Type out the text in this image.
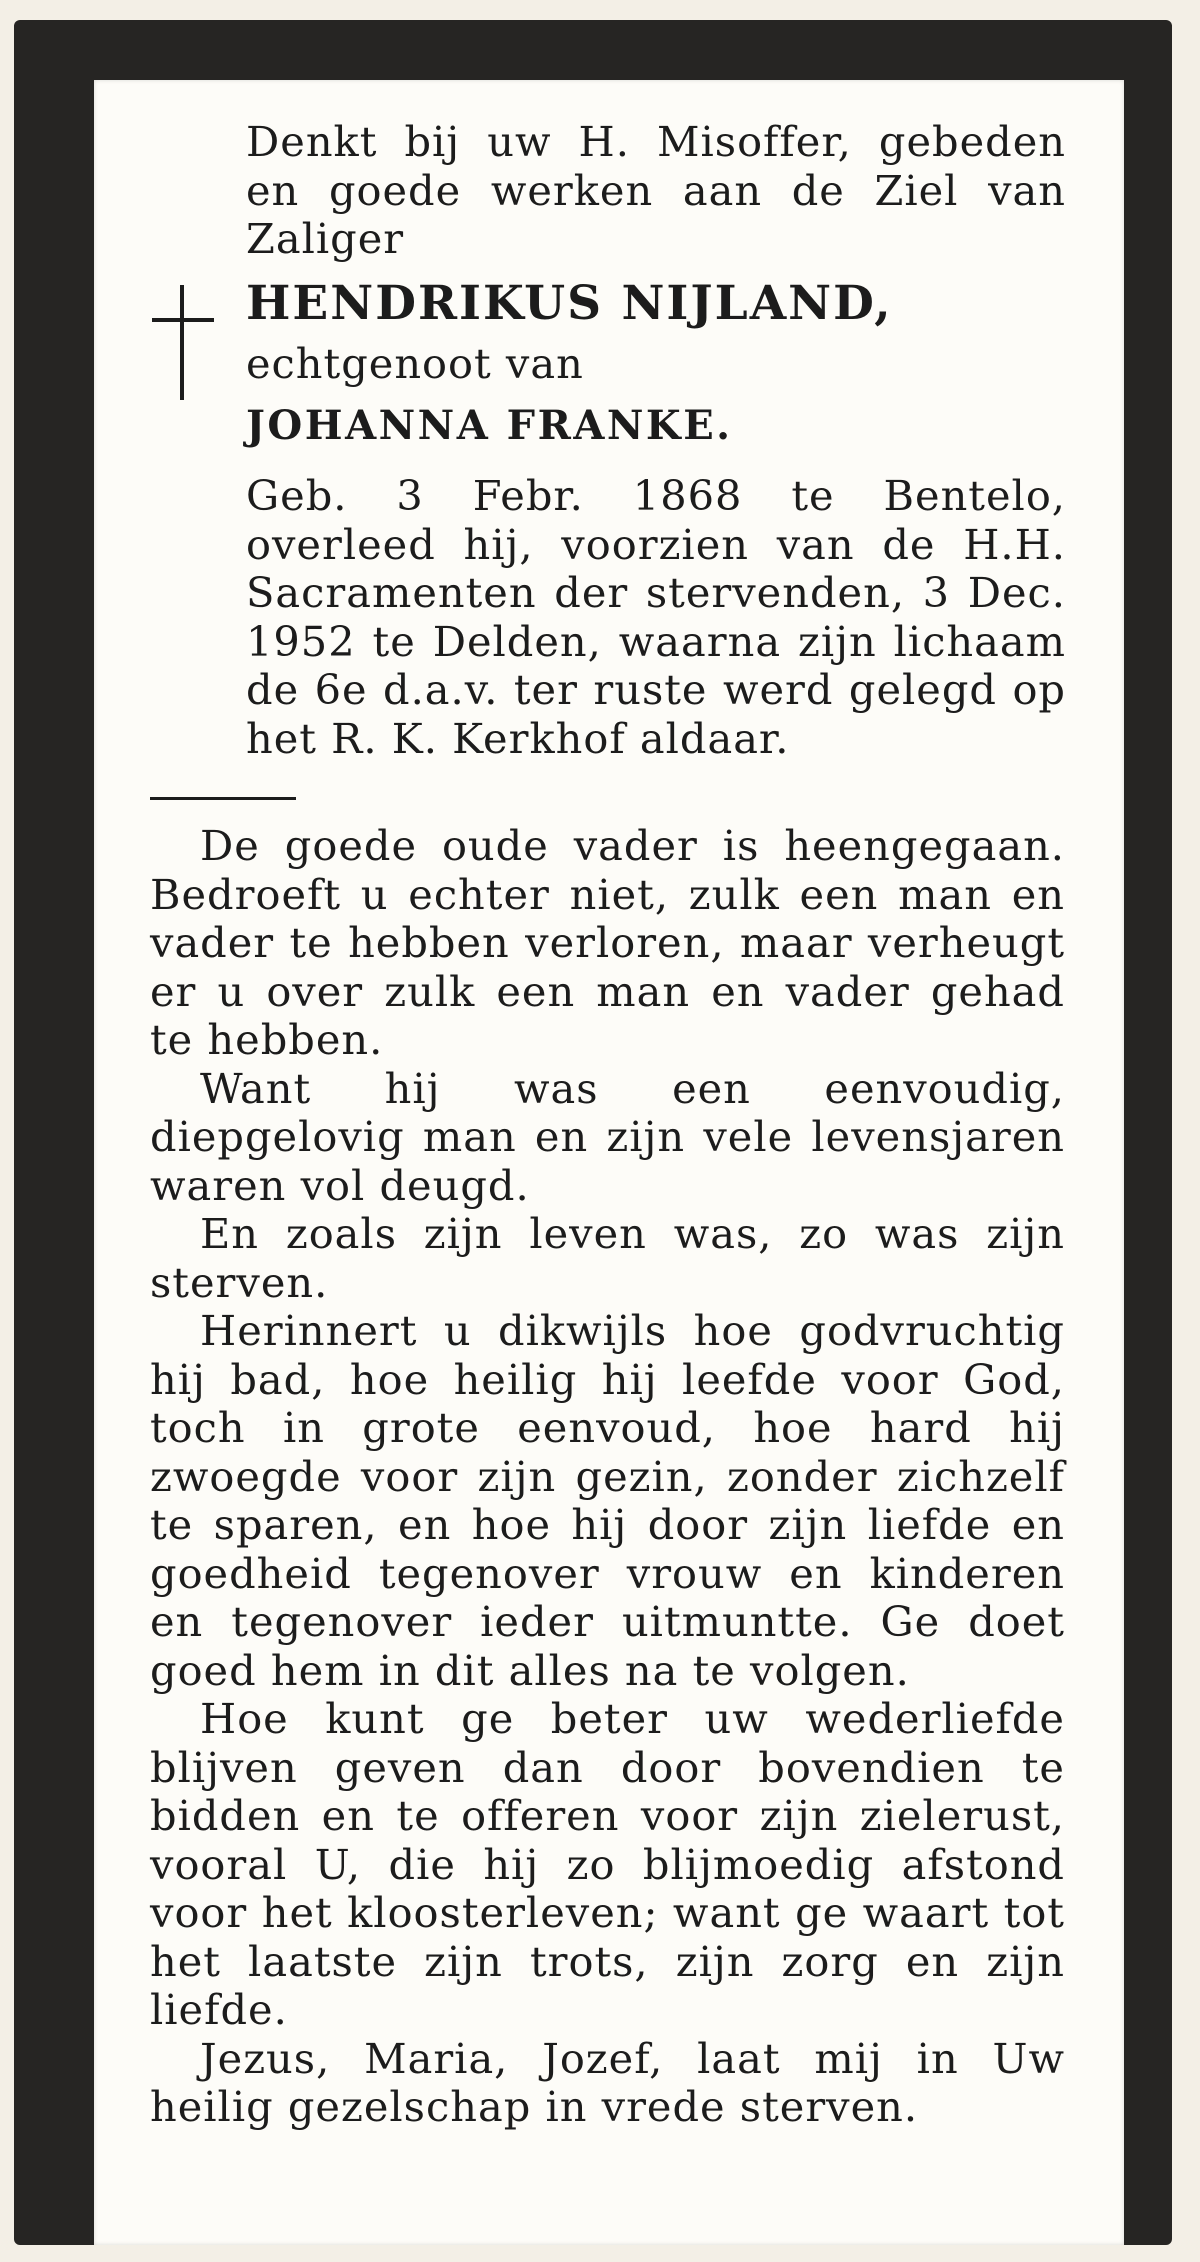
Denkt bij uw H. Misoffer, gebeden en goede werken aan de Ziel van Zaliger
HENDRIKUS NIJLAND,
echtgenoot van
JOHANNA FRANKE.
Geb. 3 Febr. 1868 te Bentelo, overleed hij, voorzien van de H.H. Sacramenten der stervenden, 3 Dec. 1952 te Delden, waarna zijn lichaam de 6e d.a.v. ter ruste werd gelegd op het R. K. Kerkhof aldaar.

De goede oude vader is heengegaan. Bedroeft u echter niet, zulk een man en vader te hebben verloren, maar verheugt er u over zulk een man en vader gehad te hebben.

Want hij was een eenvoudig, diepgelovig man en zijn vele levensjaren waren vol deugd.

En zoals zijn leven was, zo was zijn sterven.

Herinnert u dikwijls hoe godvruchtig hij bad, hoe heilig hij leefde voor God, toch in grote eenvoud, hoe hard hij zwoegde voor zijn gezin, zonder zichzelf te sparen, en hoe hij door zijn liefde en goedheid tegenover vrouw en kinderen en tegenover ieder uitmuntte. Ge doet goed hem in dit alles na te volgen.

Hoe kunt ge beter uw wederliefde blijven geven dan door bovendien te bidden en te offeren voor zijn zielerust, vooral U, die hij zo blijmoedig afstond voor het kloosterleven; want ge waart tot het laatste zijn trots, zijn zorg en zijn liefde.

Jezus, Maria, Jozef, laat mij in Uw heilig gezelschap in vrede sterven.
